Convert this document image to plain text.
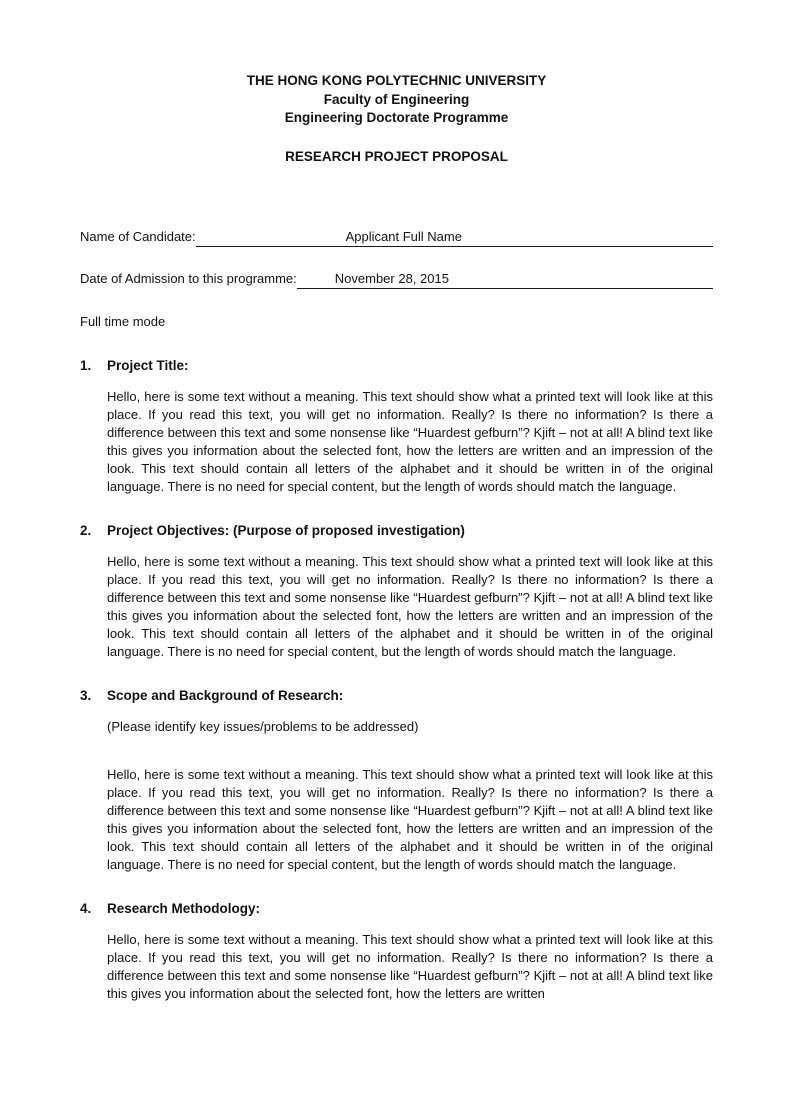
THE HONG KONG POLYTECHNIC UNIVERSITY
Faculty of Engineering
Engineering Doctorate Programme
RESEARCH PROJECT PROPOSAL
Name of Candidate:	Applicant Full Name
Date of Admission to this programme:	November 28, 2015
Full time mode
1.	Project Title:
Hello, here is some text without a meaning. This text should show what a printed text will look like at this place. If you read this text, you will get no information. Really? Is there no information? Is there a difference between this text and some nonsense like “Huardest gefburn”? Kjift – not at all! A blind text like this gives you information about the selected font, how the letters are written and an impression of the look. This text should contain all letters of the alphabet and it should be written in of the original language. There is no need for special content, but the length of words should match the language.
2.	Project Objectives: (Purpose of proposed investigation)
Hello, here is some text without a meaning. This text should show what a printed text will look like at this place. If you read this text, you will get no information. Really? Is there no information? Is there a difference between this text and some nonsense like “Huardest gefburn”? Kjift – not at all! A blind text like this gives you information about the selected font, how the letters are written and an impression of the look. This text should contain all letters of the alphabet and it should be written in of the original language. There is no need for special content, but the length of words should match the language.
3.	Scope and Background of Research:
(Please identify key issues/problems to be addressed)
Hello, here is some text without a meaning. This text should show what a printed text will look like at this place. If you read this text, you will get no information. Really? Is there no information? Is there a difference between this text and some nonsense like “Huardest gefburn”? Kjift – not at all! A blind text like this gives you information about the selected font, how the letters are written and an impression of the look. This text should contain all letters of the alphabet and it should be written in of the original language. There is no need for special content, but the length of words should match the language.
4.	Research Methodology:
Hello, here is some text without a meaning. This text should show what a printed text will look like at this place. If you read this text, you will get no information. Really? Is there no information? Is there a difference between this text and some nonsense like “Huardest gefburn”? Kjift – not at all! A blind text like this gives you information about the selected font, how the letters are written
